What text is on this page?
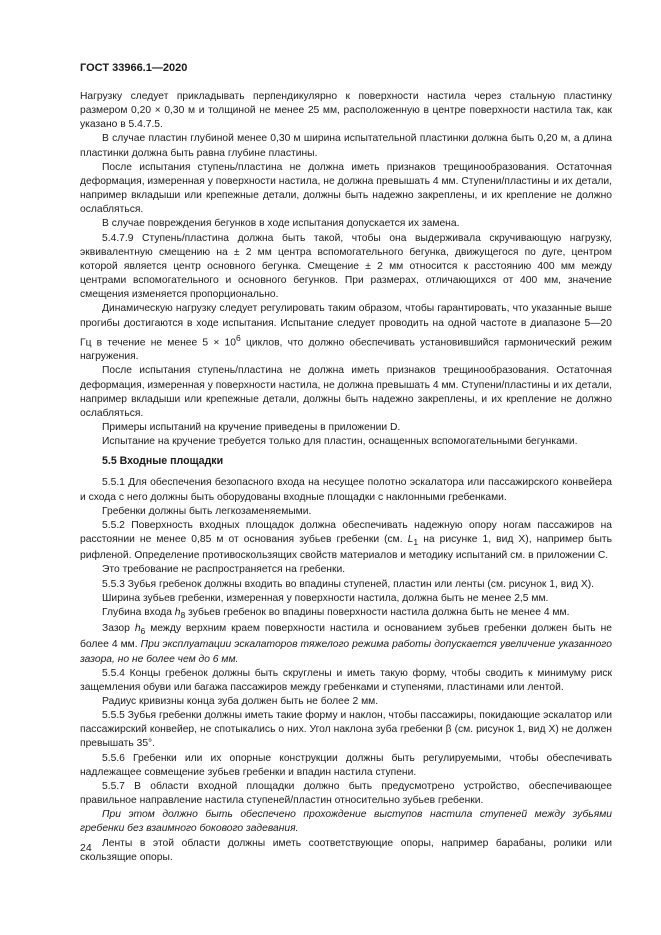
ГОСТ 33966.1—2020

Нагрузку следует прикладывать перпендикулярно к поверхности настила через стальную пластинку размером 0,20 × 0,30 м и толщиной не менее 25 мм, расположенную в центре поверхности настила так, как указано в 5.4.7.5.

В случае пластин глубиной менее 0,30 м ширина испытательной пластинки должна быть 0,20 м, а длина пластинки должна быть равна глубине пластины.

После испытания ступень/пластина не должна иметь признаков трещинообразования. Остаточная деформация, измеренная у поверхности настила, не должна превышать 4 мм. Ступени/пластины и их детали, например вкладыши или крепежные детали, должны быть надежно закреплены, и их крепление не должно ослабляться.

В случае повреждения бегунков в ходе испытания допускается их замена.

5.4.7.9 Ступень/пластина должна быть такой, чтобы она выдерживала скручивающую нагрузку, эквивалентную смещению на ± 2 мм центра вспомогательного бегунка, движущегося по дуге, центром которой является центр основного бегунка. Смещение ± 2 мм относится к расстоянию 400 мм между центрами вспомогательного и основного бегунков. При размерах, отличающихся от 400 мм, значение смещения изменяется пропорционально.

Динамическую нагрузку следует регулировать таким образом, чтобы гарантировать, что указанные выше прогибы достигаются в ходе испытания. Испытание следует проводить на одной частоте в диапазоне 5—20 Гц в течение не менее $5 \times 10^6$ циклов, что должно обеспечивать установившийся гармонический режим нагружения.

После испытания ступень/пластина не должна иметь признаков трещинообразования. Остаточная деформация, измеренная у поверхности настила, не должна превышать 4 мм. Ступени/пластины и их детали, например вкладыши или крепежные детали, должны быть надежно закреплены, и их крепление не должно ослабляться.

Примеры испытаний на кручение приведены в приложении D.

Испытание на кручение требуется только для пластин, оснащенных вспомогательными бегунками.

5.5 Входные площадки

5.5.1 Для обеспечения безопасного входа на несущее полотно эскалатора или пассажирского конвейера и схода с него должны быть оборудованы входные площадки с наклонными гребенками.

Гребенки должны быть легкозаменяемыми.

5.5.2 Поверхность входных площадок должна обеспечивать надежную опору ногам пассажиров на расстоянии не менее 0,85 м от основания зубьев гребенки (см. $L_1$ на рисунке 1, вид X), например быть рифленой. Определение противоскользящих свойств материалов и методику испытаний см. в приложении C.

Это требование не распространяется на гребенки.

5.5.3 Зубья гребенок должны входить во впадины ступеней, пластин или ленты (см. рисунок 1, вид X).

Ширина зубьев гребенки, измеренная у поверхности настила, должна быть не менее 2,5 мм.

Глубина входа $h_8$ зубьев гребенок во впадины поверхности настила должна быть не менее 4 мм.

Зазор $h_6$ между верхним краем поверхности настила и основанием зубьев гребенки должен быть не более 4 мм. При эксплуатации эскалаторов тяжелого режима работы допускается увеличение указанного зазора, но не более чем до 6 мм.

5.5.4 Концы гребенок должны быть скруглены и иметь такую форму, чтобы сводить к минимуму риск защемления обуви или багажа пассажиров между гребенками и ступенями, пластинами или лентой.

Радиус кривизны конца зуба должен быть не более 2 мм.

5.5.5 Зубья гребенки должны иметь такие форму и наклон, чтобы пассажиры, покидающие эскалатор или пассажирский конвейер, не спотыкались о них. Угол наклона зуба гребенки β (см. рисунок 1, вид X) не должен превышать 35°.

5.5.6 Гребенки или их опорные конструкции должны быть регулируемыми, чтобы обеспечивать надлежащее совмещение зубьев гребенки и впадин настила ступени.

5.5.7 В области входной площадки должно быть предусмотрено устройство, обеспечивающее правильное направление настила ступеней/пластин относительно зубьев гребенки.

При этом должно быть обеспечено прохождение выступов настила ступеней между зубьями гребенки без взаимного бокового задевания.

Ленты в этой области должны иметь соответствующие опоры, например барабаны, ролики или скользящие опоры.

24
